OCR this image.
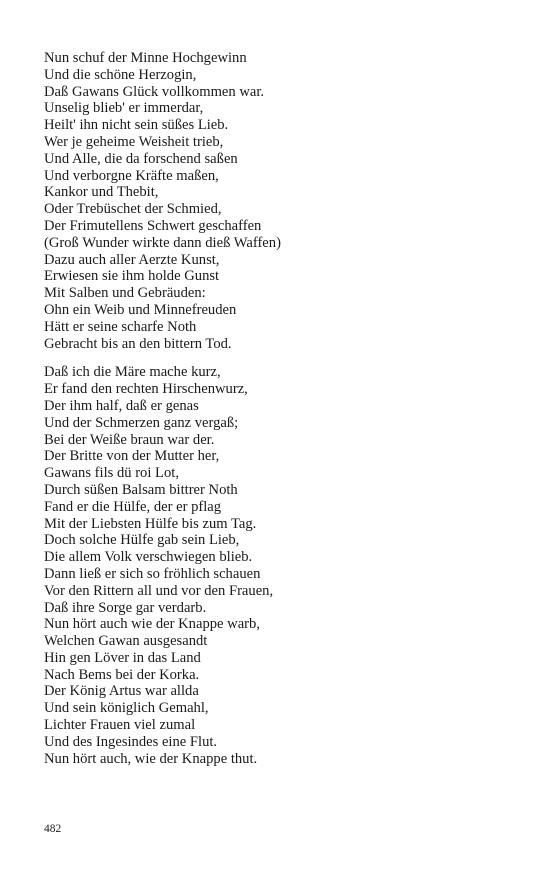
Nun schuf der Minne Hochgewinn
Und die schöne Herzogin,
Daß Gawans Glück vollkommen war.
Unselig blieb' er immerdar,
Heilt' ihn nicht sein süßes Lieb.
Wer je geheime Weisheit trieb,
Und Alle, die da forschend saßen
Und verborgne Kräfte maßen,
Kankor und Thebit,
Oder Trebüschet der Schmied,
Der Frimutellens Schwert geschaffen
(Groß Wunder wirkte dann dieß Waffen)
Dazu auch aller Aerzte Kunst,
Erwiesen sie ihm holde Gunst
Mit Salben und Gebräuden:
Ohn ein Weib und Minnefreuden
Hätt er seine scharfe Noth
Gebracht bis an den bittern Tod.

Daß ich die Märe mache kurz,
Er fand den rechten Hirschenwurz,
Der ihm half, daß er genas
Und der Schmerzen ganz vergaß;
Bei der Weiße braun war der.
Der Britte von der Mutter her,
Gawans fils dü roi Lot,
Durch süßen Balsam bittrer Noth
Fand er die Hülfe, der er pflag
Mit der Liebsten Hülfe bis zum Tag.
Doch solche Hülfe gab sein Lieb,
Die allem Volk verschwiegen blieb.
Dann ließ er sich so fröhlich schauen
Vor den Rittern all und vor den Frauen,
Daß ihre Sorge gar verdarb.
Nun hört auch wie der Knappe warb,
Welchen Gawan ausgesandt
Hin gen Löver in das Land
Nach Bems bei der Korka.
Der König Artus war allda
Und sein königlich Gemahl,
Lichter Frauen viel zumal
Und des Ingesindes eine Flut.
Nun hört auch, wie der Knappe thut.

482
